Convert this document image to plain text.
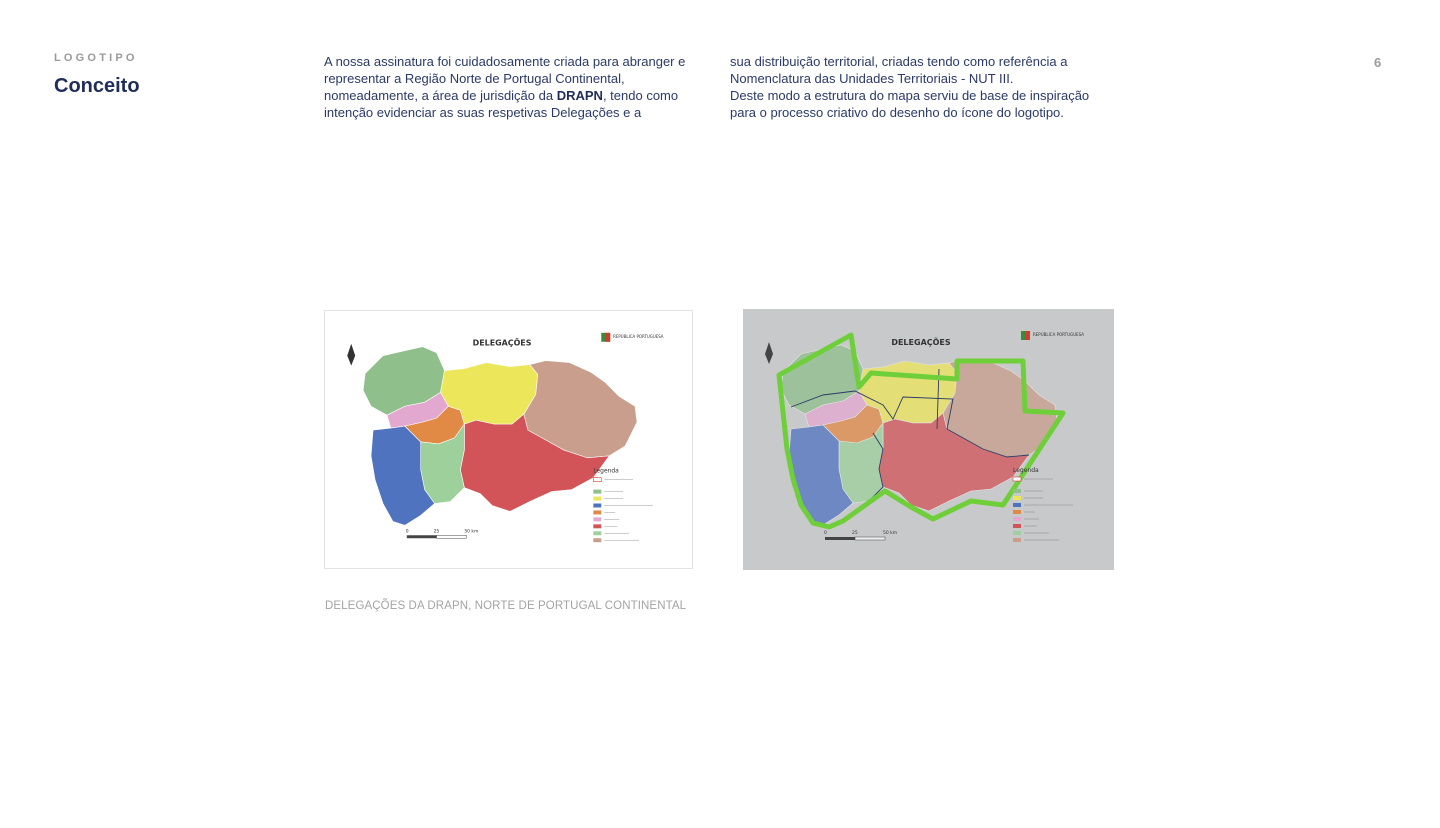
LOGOTIPO
Conceito
6

A nossa assinatura foi cuidadosamente criada para abranger e representar a Região Norte de Portugal Continental, nomeadamente, a área de jurisdição da DRAPN, tendo como intenção evidenciar as suas respetivas Delegações e a

sua distribuição territorial, criadas tendo como referência a Nomenclatura das Unidades Territoriais - NUT III.

Deste modo a estrutura do mapa serviu de base de inspiração para o processo criativo do desenho do ícone do logotipo.

DELEGAÇÕES
REPÚBLICA PORTUGUESA
Legenda
0	25	50 km
DELEGAÇÕES
REPÚBLICA PORTUGUESA
Legenda
0	25	50 km
DELEGAÇÕES DA DRAPN, NORTE DE PORTUGAL CONTINENTAL
